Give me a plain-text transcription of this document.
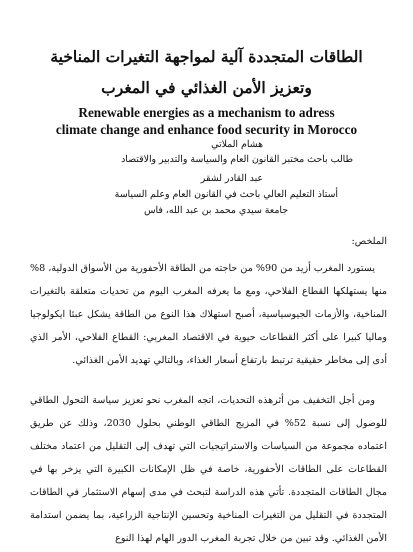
الطاقات المتجددة آلية لمواجهة التغيرات المناخية
وتعزيز الأمن الغذائي في المغرب
Renewable energies as a mechanism to adress
climate change and enhance food security in Morocco
هشام الملاتي
طالب باحث مختبر القانون العام والسياسة والتدبير والاقتصاد
عبد القادر لشقر
أستاذ التعليم العالي باحث في القانون العام وعلم السياسة
جامعة سيدي محمد بن عبد الله، فاس
الملخص:

يستورد المغرب أزيد من 90% من حاجته من الطاقة الأحفورية من الأسواق الدولية، 8% منها يستهلكها القطاع الفلاحي، ومع ما يعرفه المغرب اليوم من تحديات متعلقة بالتغيرات المناخية، والأزمات الجيوسياسية، أصبح استهلاك هذا النوع من الطاقة يشكل عبئا ايكولوجيا وماليا كبيرا على أكثر القطاعات حيوية في الاقتصاد المغربي: القطاع الفلاحي، الأمر الذي أدى إلى مخاطر حقيقية ترتبط بارتفاع أسعار الغذاء، وبالتالي تهديد الأمن الغذائي.

ومن أجل التخفيف من أثرهذه التحديات، اتجه المغرب نحو تعزيز سياسة التحول الطاقي للوصول إلى نسبة 52% في المزيج الطاقي الوطني بحلول 2030، وذلك عن طريق اعتماده مجموعة من السياسات والاستراتيجيات التي تهدف إلى التقليل من اعتماد مختلف القطاعات على الطاقات الأحفورية، خاصة في ظل الإمكانات الكبيرة التي يزخر بها في مجال الطاقات المتجددة. تأتي هذه الدراسة لتبحث في مدى إسهام الاستثمار في الطاقات المتجددة في التقليل من التغيرات المناخية وتحسين الإنتاجية الزراعية، بما يضمن استدامة الأمن الغذائي. وقد تبين من خلال تجربة المغرب الدور الهام لهذا النوع
